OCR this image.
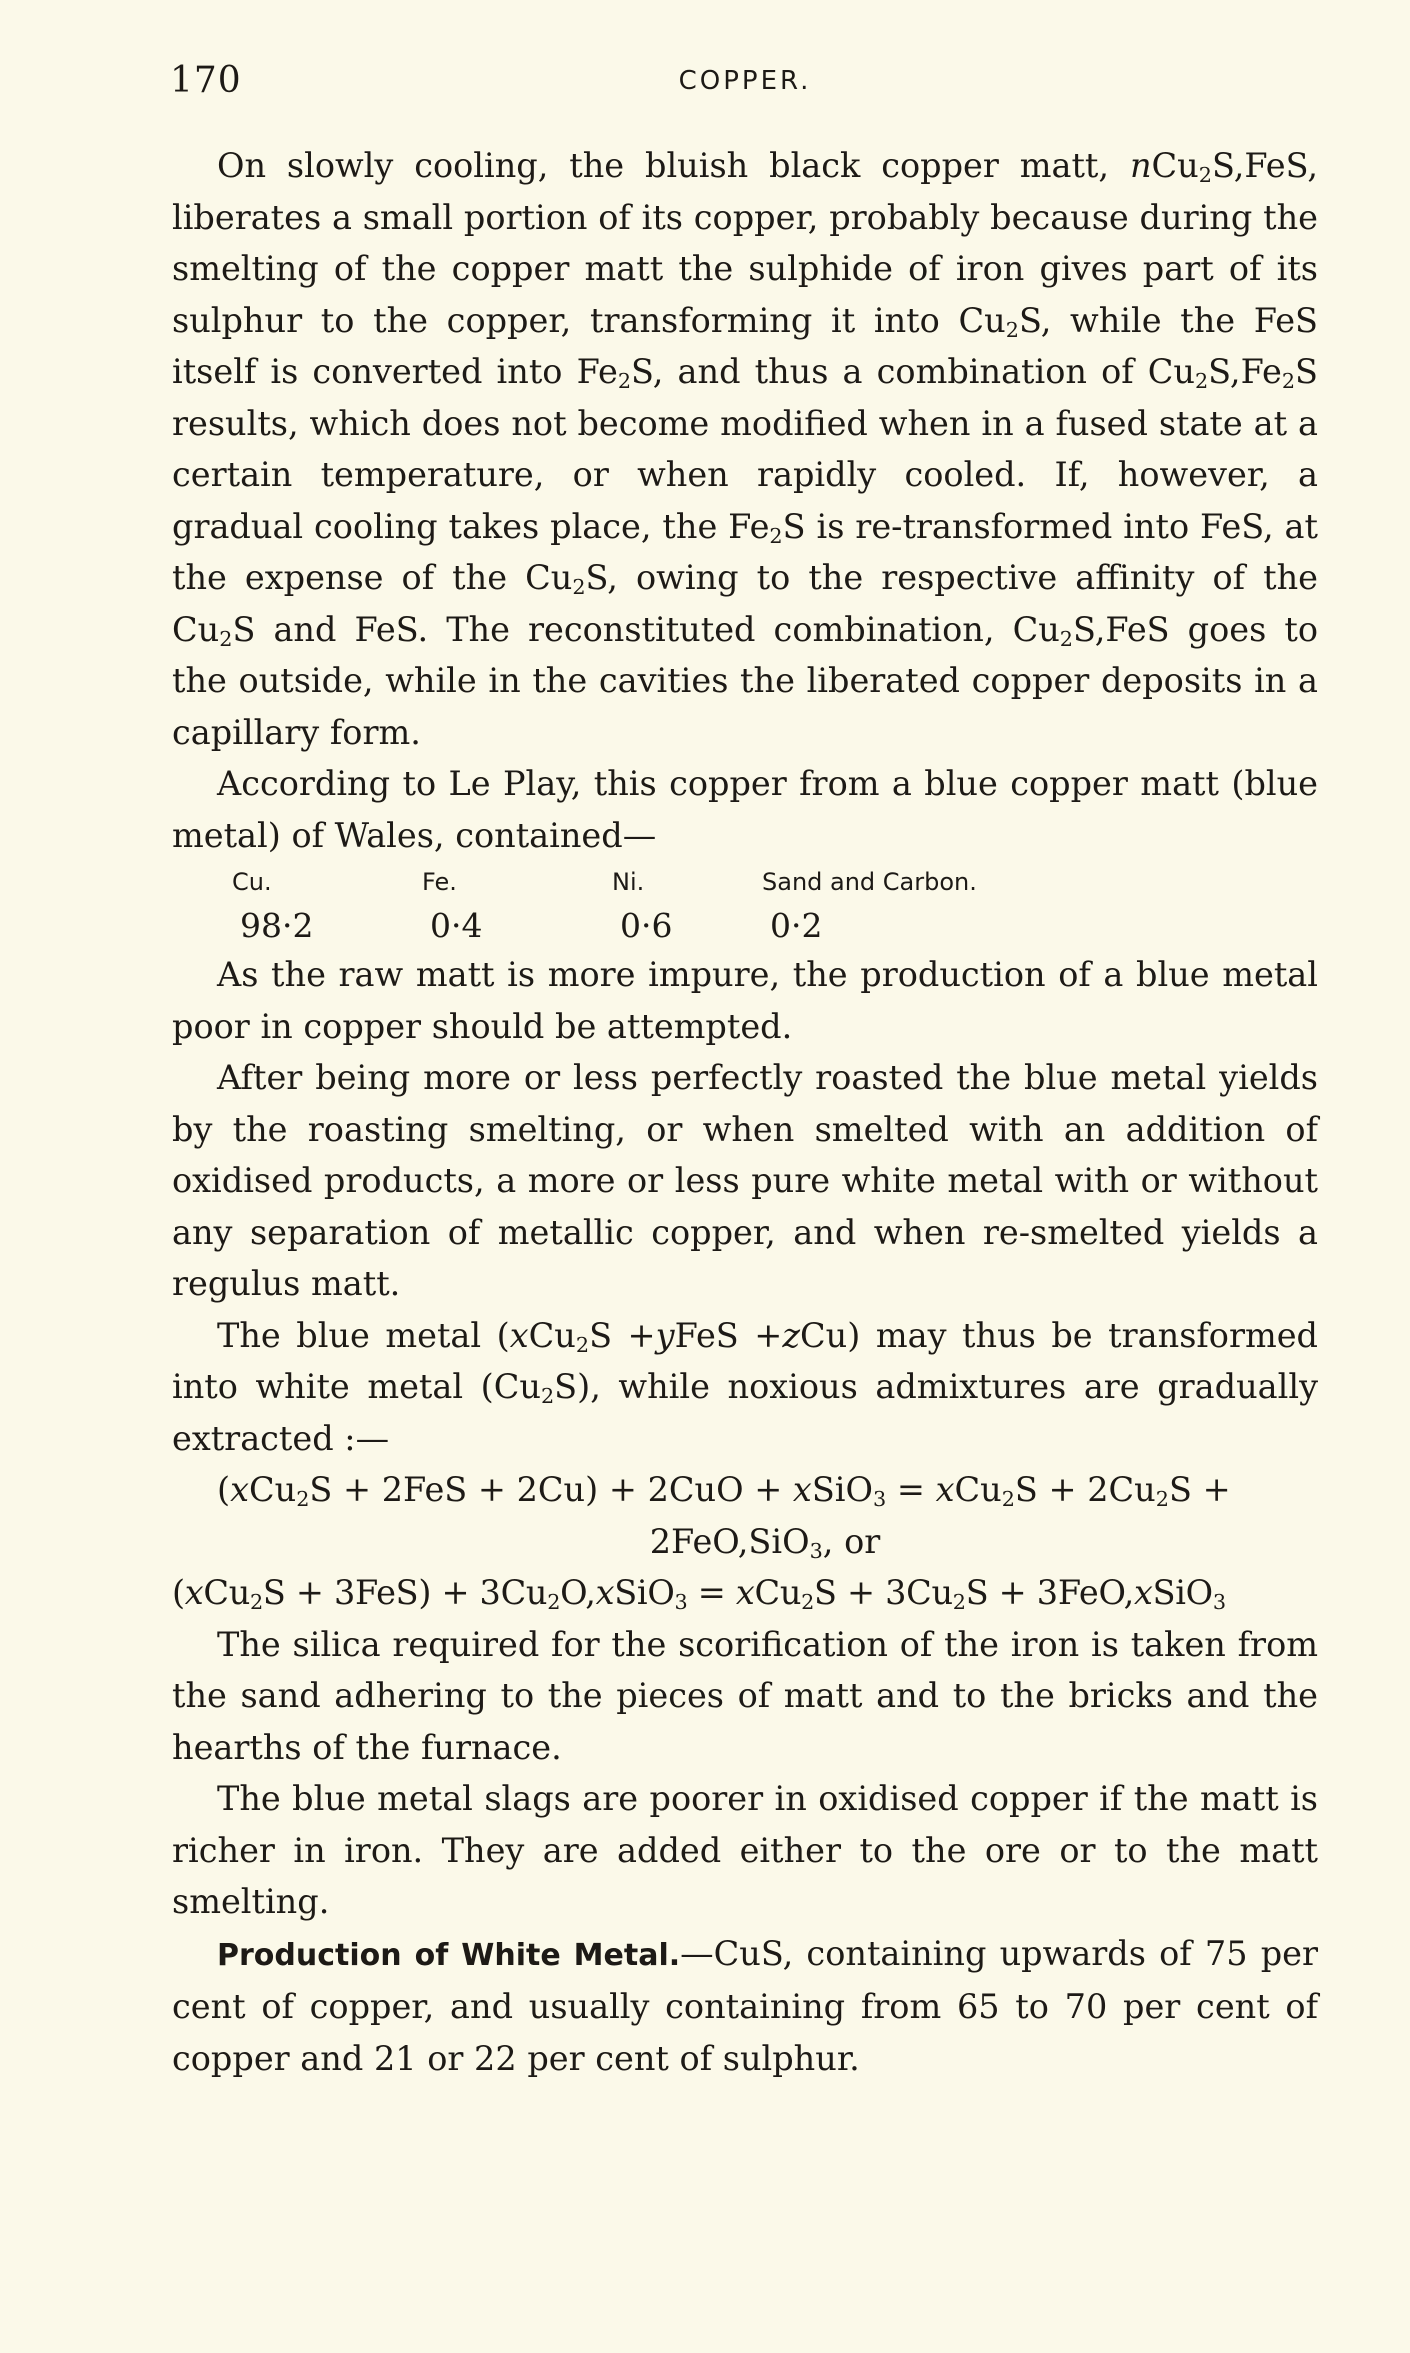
170	COPPER.

On slowly cooling, the bluish black copper matt, nCu$_2$S,FeS, liberates a small portion of its copper, probably because during the smelting of the copper matt the sulphide of iron gives part of its sulphur to the copper, transforming it into $Cu_2S$, while the FeS itself is converted into $Fe_2S$, and thus a combination of $Cu_2S,Fe_2S$ results, which does not become modified when in a fused state at a certain temperature, or when rapidly cooled. If, however, a gradual cooling takes place, the $Fe_2S$ is re-transformed into FeS, at the expense of the $Cu_2S$, owing to the respective affinity of the $Cu_2S$ and FeS. The reconstituted combination, $Cu_2S,FeS$ goes to the outside, while in the cavities the liberated copper deposits in a capillary form.

According to Le Play, this copper from a blue copper matt (blue metal) of Wales, contained—

Cu.	Fe.	Ni.	Sand and Carbon.
98·2	0·4	0·6	0·2

As the raw matt is more impure, the production of a blue metal poor in copper should be attempted.

After being more or less perfectly roasted the blue metal yields by the roasting smelting, or when smelted with an addition of oxidised products, a more or less pure white metal with or without any separation of metallic copper, and when re-smelted yields a regulus matt.

The blue metal (xCu$_2$S +yFeS +zCu) may thus be transformed into white metal $(Cu_2S)$, while noxious admixtures are gradually extracted :—

(xCu$_2$S + 2FeS + 2Cu) + 2CuO + xSiO$_3$ = $xCu_2S + 2Cu_2S$ +

2FeO,SiO$_3$, or

$(xCu_2S + 3FeS) + 3Cu_2O,xSiO_3 = xCu_2S + 3Cu_2S$ + 3FeO,xSiO$_3$

The silica required for the scorification of the iron is taken from the sand adhering to the pieces of matt and to the bricks and the hearths of the furnace.

The blue metal slags are poorer in oxidised copper if the matt is richer in iron. They are added either to the ore or to the matt smelting.

Production of White Metal.—CuS, containing upwards of 75 per cent of copper, and usually containing from 65 to 70 per cent of copper and 21 or 22 per cent of sulphur.
